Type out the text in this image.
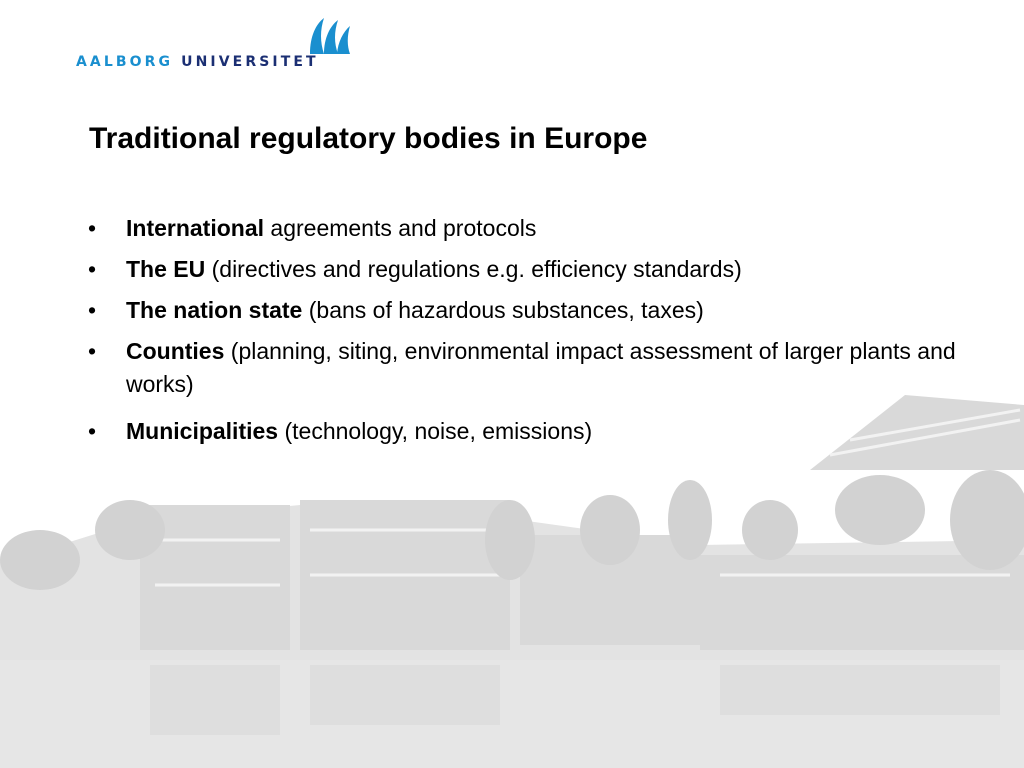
AALBORG UNIVERSITET
Traditional regulatory bodies in Europe
•	International agreements and protocols
•	The EU (directives and regulations e.g. efficiency standards)
•	The nation state (bans of hazardous substances, taxes)
•	Counties (planning, siting, environmental impact assessment of larger plants and works)
•	Municipalities (technology, noise, emissions)
